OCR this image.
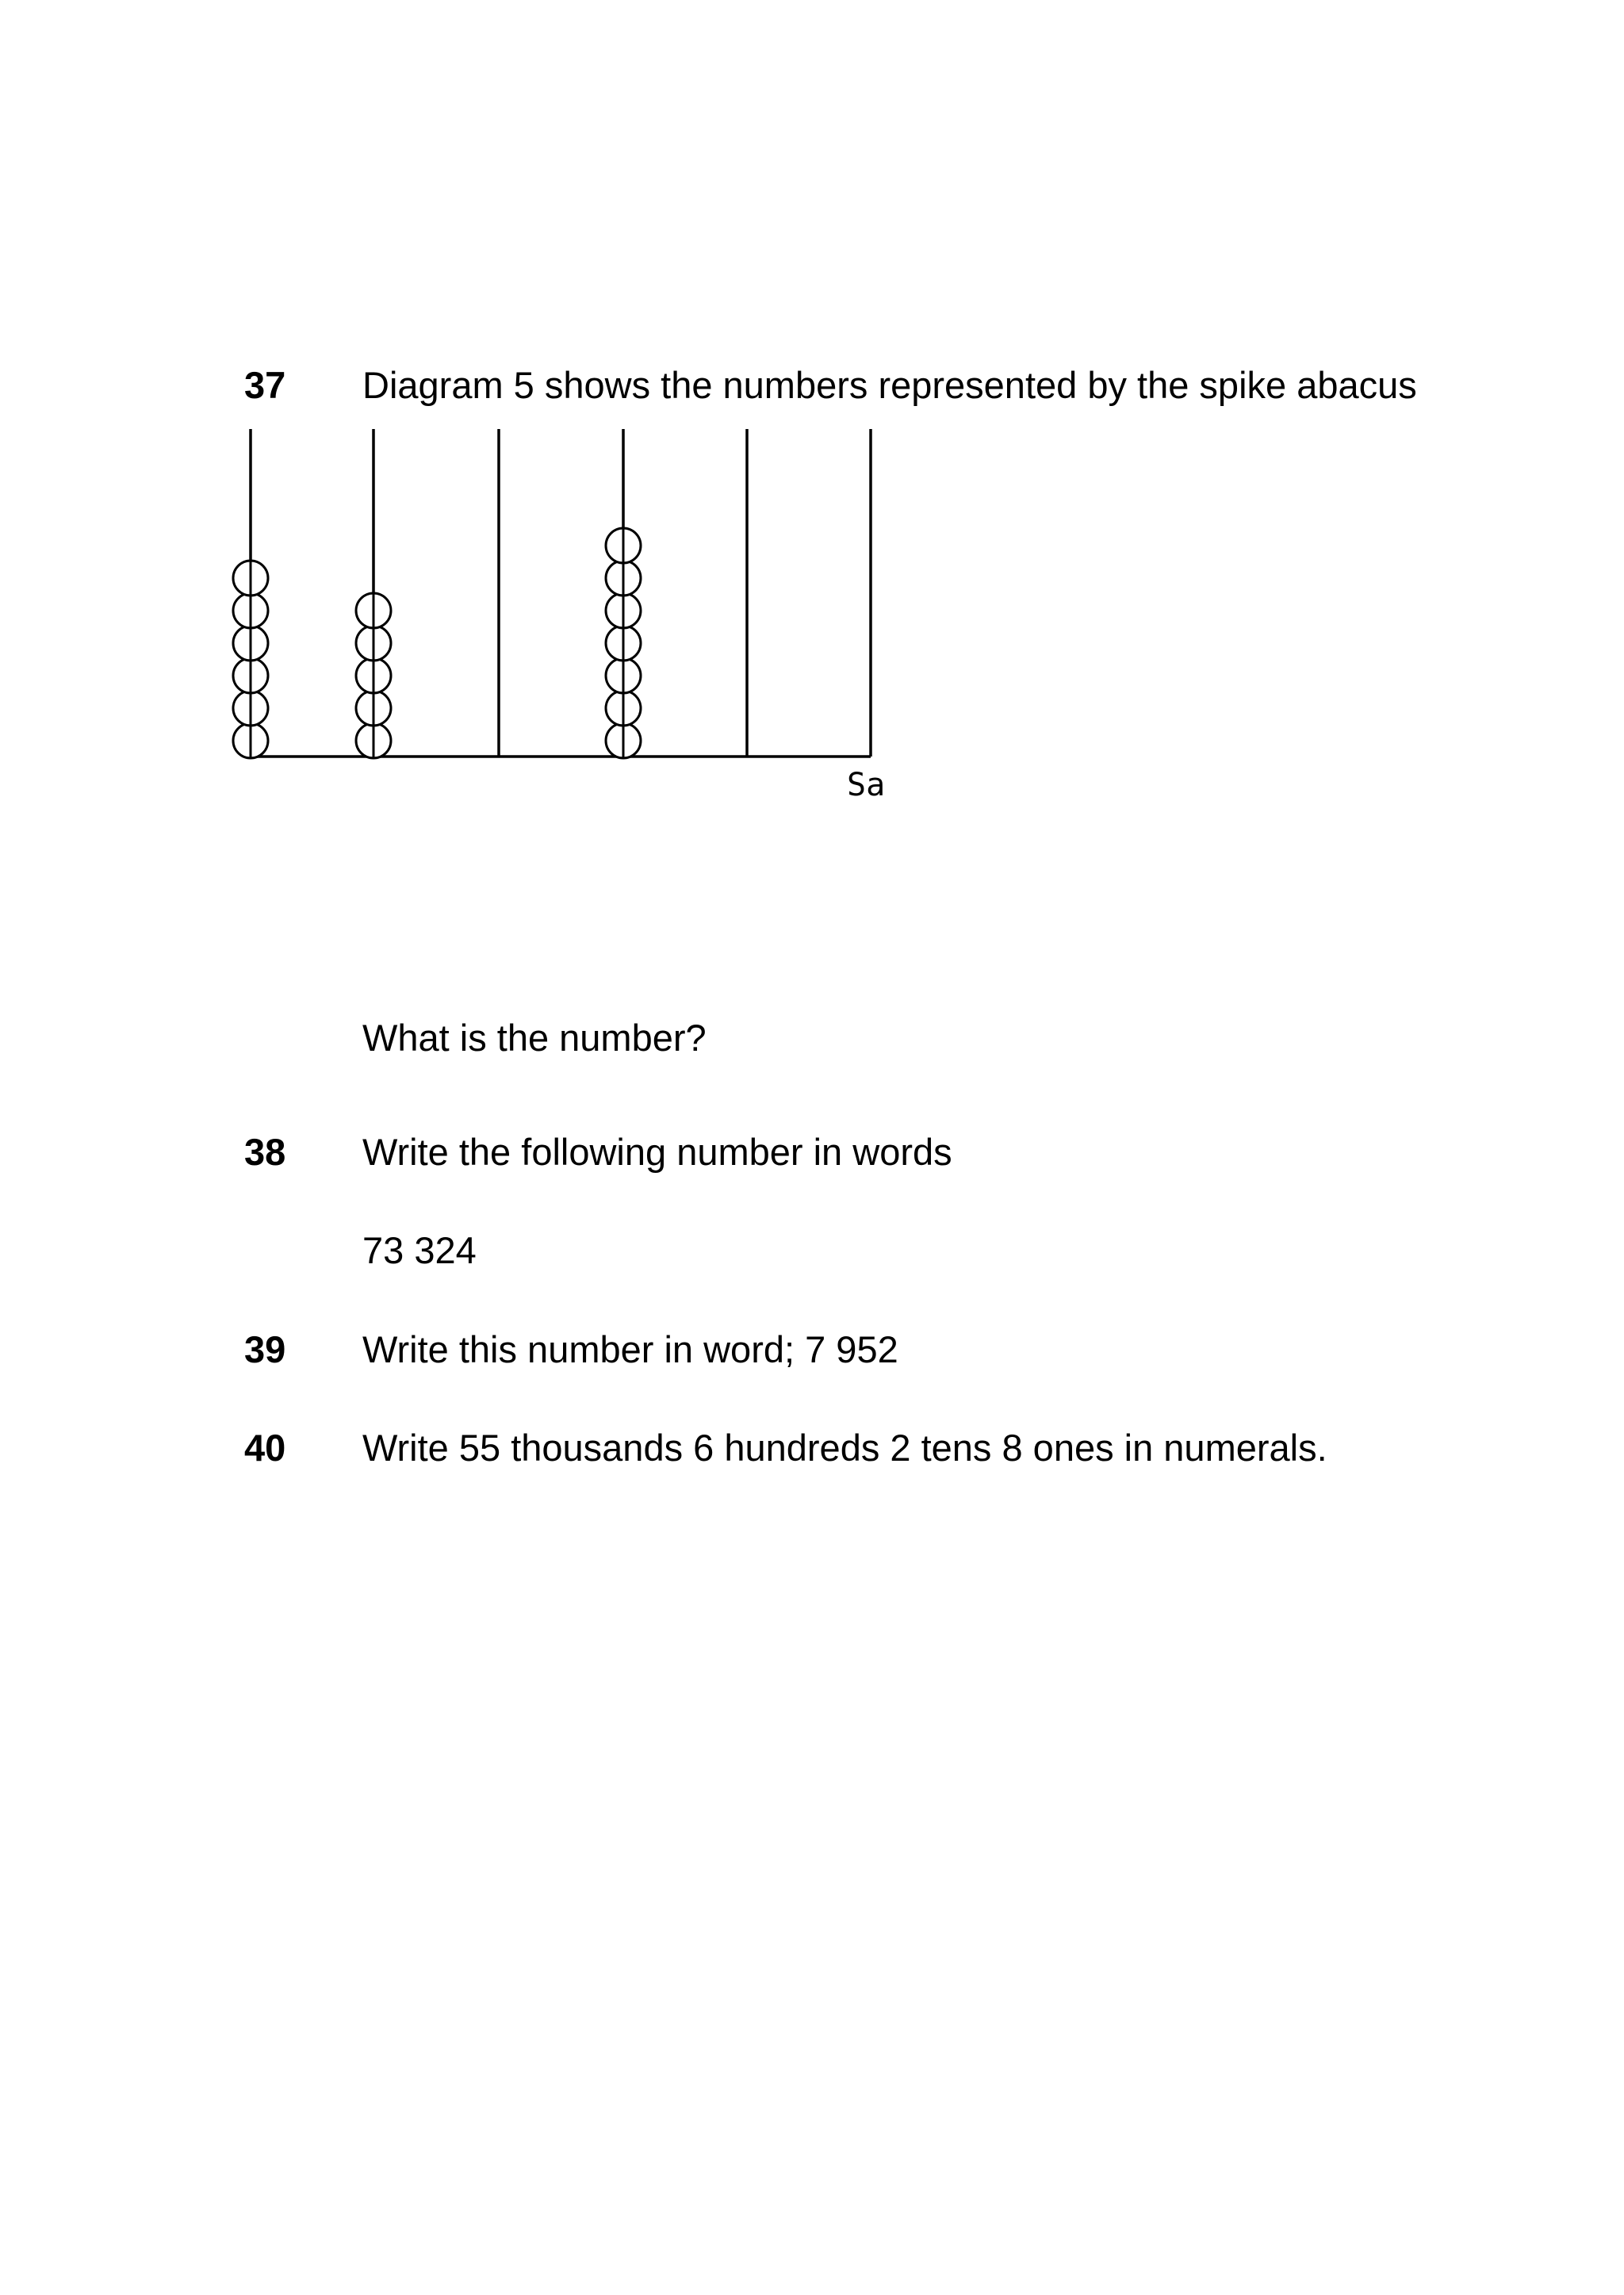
37 Diagram 5 shows the numbers represented by the spike abacus
Sa
What is the number?
38 Write the following number in words
73 324
39 Write this number in word; 7 952
40 Write 55 thousands 6 hundreds 2 tens 8 ones in numerals.
